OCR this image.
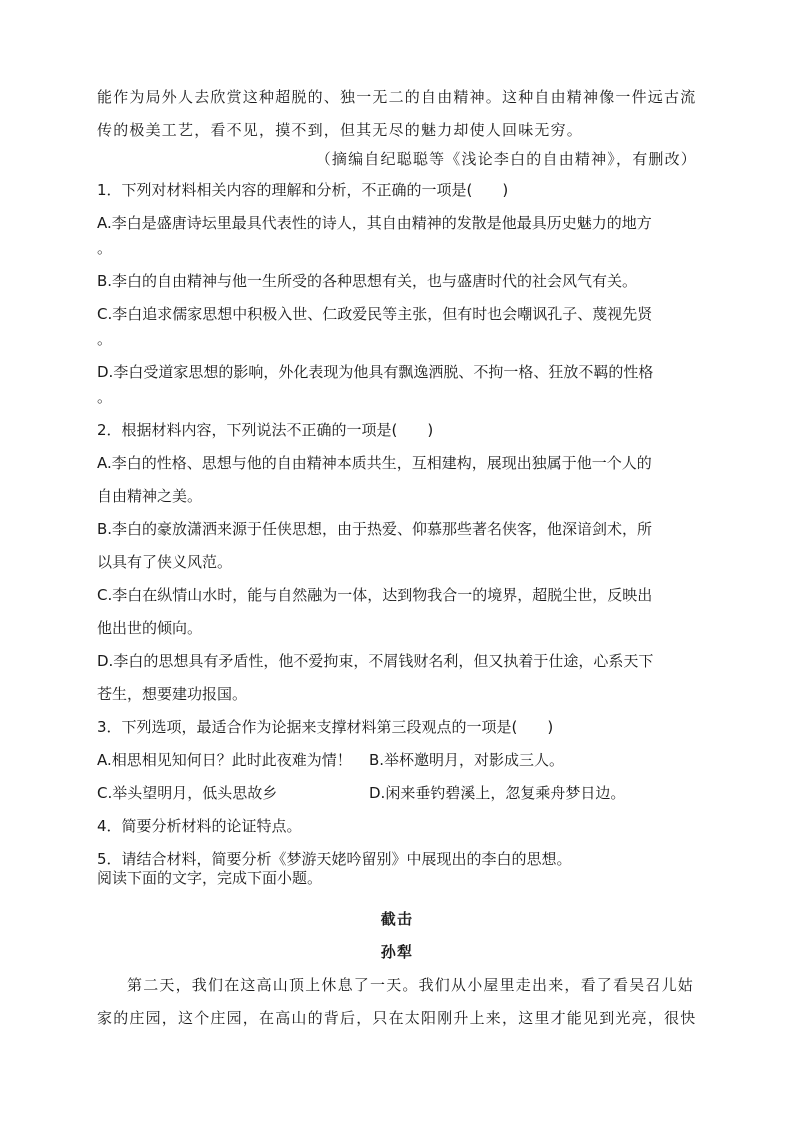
能作为局外人去欣赏这种超脱的、独一无二的自由精神。这种自由精神像一件远古流

传的极美工艺，看不见，摸不到，但其无尽的魅力却使人回味无穷。

（摘编自纪聪聪等《浅论李白的自由精神》，有删改）

1．下列对材料相关内容的理解和分析，不正确的一项是(　　)

A.李白是盛唐诗坛里最具代表性的诗人，其自由精神的发散是他最具历史魅力的地方

。

B.李白的自由精神与他一生所受的各种思想有关，也与盛唐时代的社会风气有关。

C.李白追求儒家思想中积极入世、仁政爱民等主张，但有时也会嘲讽孔子、蔑视先贤

。

D.李白受道家思想的影响，外化表现为他具有飘逸洒脱、不拘一格、狂放不羁的性格

。

2．根据材料内容，下列说法不正确的一项是(　　)

A.李白的性格、思想与他的自由精神本质共生，互相建构，展现出独属于他一个人的

自由精神之美。

B.李白的豪放潇洒来源于任侠思想，由于热爱、仰慕那些著名侠客，他深谙剑术，所

以具有了侠义风范。

C.李白在纵情山水时，能与自然融为一体，达到物我合一的境界，超脱尘世，反映出

他出世的倾向。

D.李白的思想具有矛盾性，他不爱拘束，不屑钱财名利，但又执着于仕途，心系天下

苍生，想要建功报国。

3．下列选项，最适合作为论据来支撑材料第三段观点的一项是(　　)

A.相思相见知何日？此时此夜难为情！	B.举杯邀明月，对影成三人。
C.举头望明月，低头思故乡	D.闲来垂钓碧溪上，忽复乘舟梦日边。

4．简要分析材料的论证特点。

5．请结合材料，简要分析《梦游天姥吟留别》中展现出的李白的思想。

阅读下面的文字，完成下面小题。

截击

孙犁

第二天，我们在这高山顶上休息了一天。我们从小屋里走出来，看了看吴召儿姑

家的庄园，这个庄园，在高山的背后，只在太阳刚升上来，这里才能见到光亮，很快
